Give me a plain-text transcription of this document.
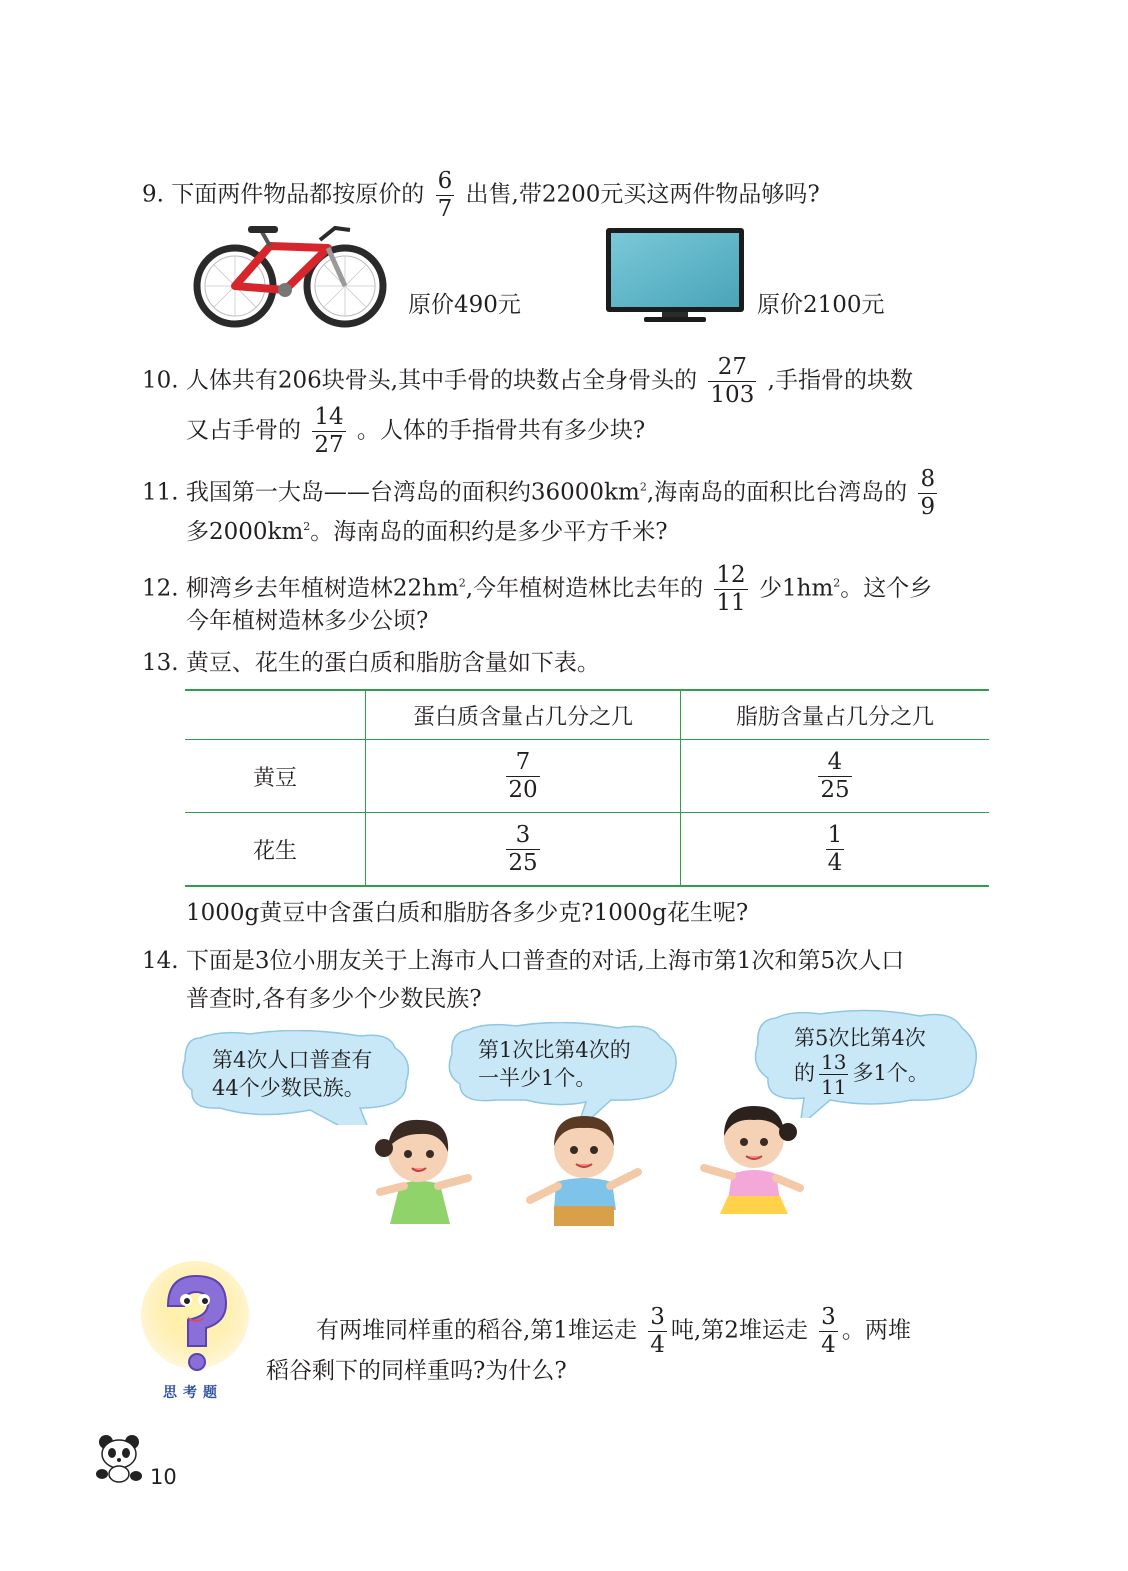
9. 下面两件物品都按原价的 $\frac{6}{7}$ 出售,带2200元买这两件物品够吗?
原价490元	原价2100元
10. 人体共有206块骨头,其中手骨的块数占全身骨头的 $\frac{27}{103}$ ,手指骨的块数
又占手骨的 $\frac{14}{27}$ 。人体的手指骨共有多少块?
11. 我国第一大岛——台湾岛的面积约$36000km^2$,海南岛的面积比台湾岛的 $\frac{8}{9}$
多$2000km^2$。海南岛的面积约是多少平方千米?
12. 柳湾乡去年植树造林$22hm^2$,今年植树造林比去年的 $\frac{12}{11}$ 少$1hm^2$。这个乡
今年植树造林多少公顷?
13. 黄豆、花生的蛋白质和脂肪含量如下表。
	蛋白质含量占几分之几	脂肪含量占几分之几
黄豆	$\frac{7}{20}$	$\frac{4}{25}$

花生	$\frac{3}{25}$	$\frac{1}{4}$
1000g黄豆中含蛋白质和脂肪各多少克?1000g花生呢?
14. 下面是3位小朋友关于上海市人口普查的对话,上海市第1次和第5次人口
普查时,各有多少个少数民族?
第4次人口普查有
44个少数民族。
第1次比第4次的
一半少1个。
第5次比第4次
的 $\frac{13}{11}$ 多1个。
思考题
有两堆同样重的稻谷,第1堆运走 $\frac{3}{4}$ 吨,第2堆运走 $\frac{3}{4}$ 。两堆
稻谷剩下的同样重吗?为什么?
10
